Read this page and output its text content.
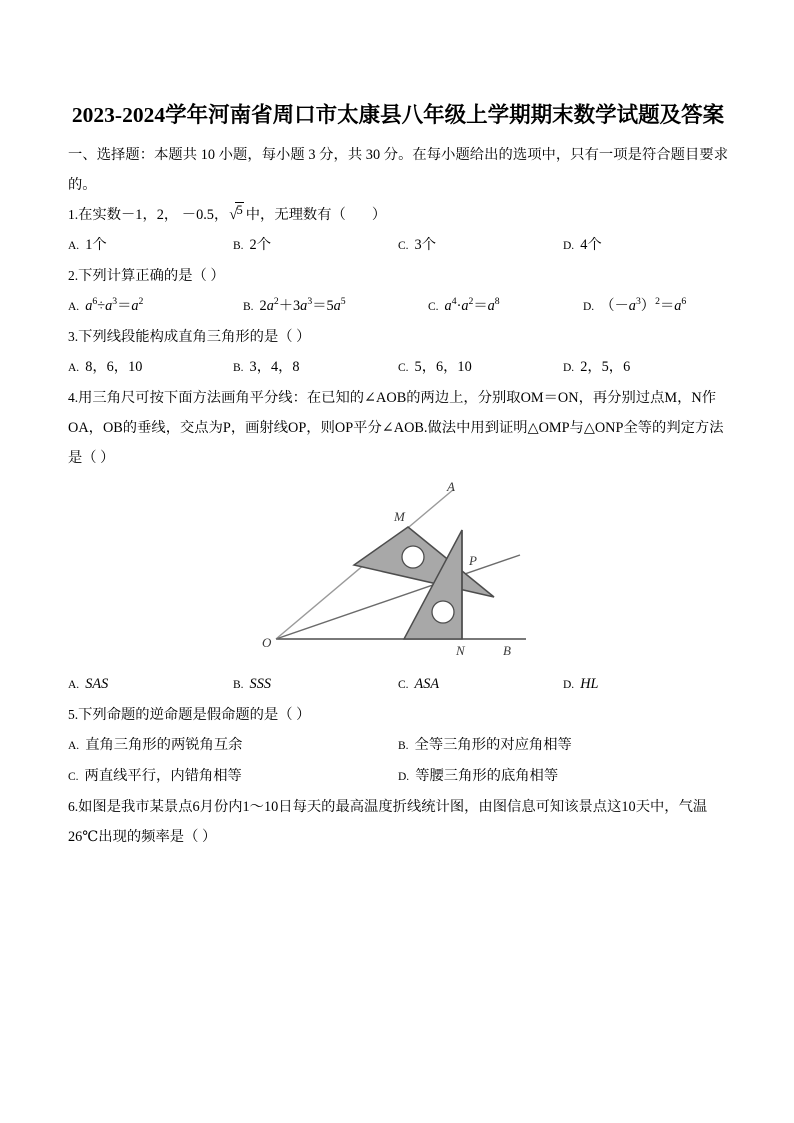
2023-2024学年河南省周口市太康县八年级上学期期末数学试题及答案

一、选择题：本题共 10 小题，每小题 3 分，共 30 分。在每小题给出的选项中，只有一项是符合题目要求的。

1.在实数－1，2， －0.5，√5 中，无理数有（ ）

A. 1个	B. 2个	C. 3个	D. 4个

2.下列计算正确的是（ ）

A. $a^6\div a^3=a^2$	B. $2a^2+3a^3=5a^5$	C. $a^4\cdot a^2=a^8$	D. $(-a^3)^2=a^6$

3.下列线段能构成直角三角形的是（ ）

A. 8，6，10	B. 3，4，8	C. 5，6，10	D. 2，5，6

4.用三角尺可按下面方法画角平分线：在已知的∠AOB的两边上，分别取OM＝ON，再分别过点M，N作

OA，OB的垂线，交点为P，画射线OP，则OP平分∠AOB.做法中用到证明△OMP与△ONP全等的判定方法

是（ ）

A
M
P
O
N	B
A. SAS	B. SSS	C. ASA	D. HL

5.下列命题的逆命题是假命题的是（ ）

A. 直角三角形的两锐角互余	B. 全等三角形的对应角相等
C. 两直线平行，内错角相等	D. 等腰三角形的底角相等

6.如图是我市某景点6月份内1～10日每天的最高温度折线统计图，由图信息可知该景点这10天中，气温

26℃出现的频率是（ ）
